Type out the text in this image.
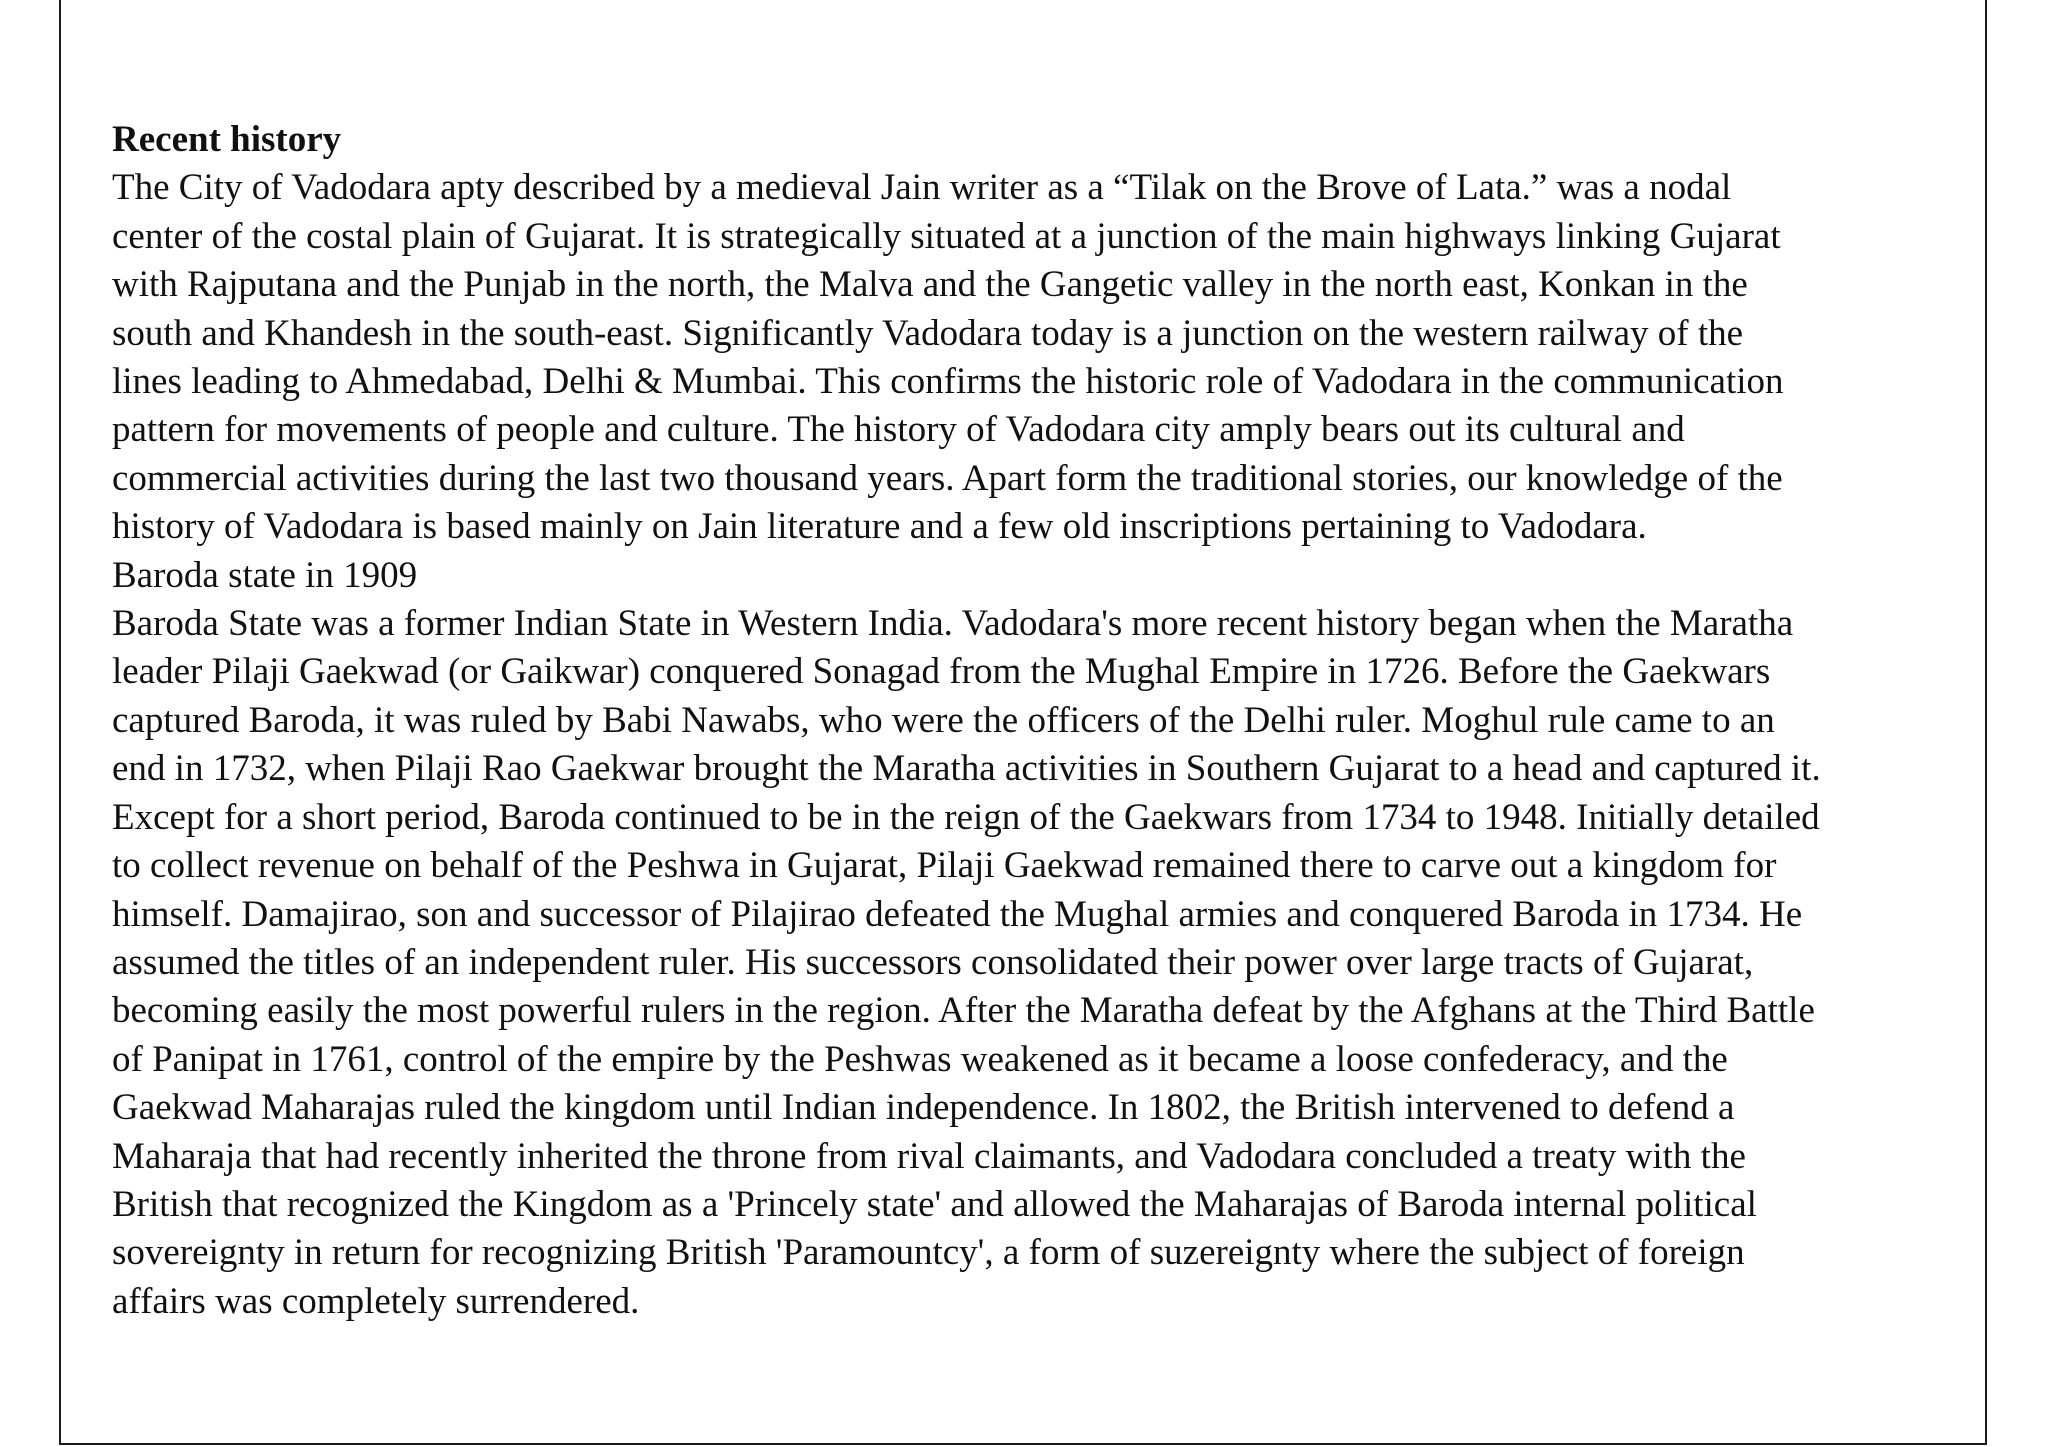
Recent history
The City of Vadodara apty described by a medieval Jain writer as a “Tilak on the Brove of Lata.” was a nodal
center of the costal plain of Gujarat. It is strategically situated at a junction of the main highways linking Gujarat
with Rajputana and the Punjab in the north, the Malva and the Gangetic valley in the north east, Konkan in the
south and Khandesh in the south-east. Significantly Vadodara today is a junction on the western railway of the
lines leading to Ahmedabad, Delhi & Mumbai. This confirms the historic role of Vadodara in the communication
pattern for movements of people and culture. The history of Vadodara city amply bears out its cultural and
commercial activities during the last two thousand years. Apart form the traditional stories, our knowledge of the
history of Vadodara is based mainly on Jain literature and a few old inscriptions pertaining to Vadodara.
Baroda state in 1909
Baroda State was a former Indian State in Western India. Vadodara's more recent history began when the Maratha
leader Pilaji Gaekwad (or Gaikwar) conquered Sonagad from the Mughal Empire in 1726. Before the Gaekwars
captured Baroda, it was ruled by Babi Nawabs, who were the officers of the Delhi ruler. Moghul rule came to an
end in 1732, when Pilaji Rao Gaekwar brought the Maratha activities in Southern Gujarat to a head and captured it.
Except for a short period, Baroda continued to be in the reign of the Gaekwars from 1734 to 1948. Initially detailed
to collect revenue on behalf of the Peshwa in Gujarat, Pilaji Gaekwad remained there to carve out a kingdom for
himself. Damajirao, son and successor of Pilajirao defeated the Mughal armies and conquered Baroda in 1734. He
assumed the titles of an independent ruler. His successors consolidated their power over large tracts of Gujarat,
becoming easily the most powerful rulers in the region. After the Maratha defeat by the Afghans at the Third Battle
of Panipat in 1761, control of the empire by the Peshwas weakened as it became a loose confederacy, and the
Gaekwad Maharajas ruled the kingdom until Indian independence. In 1802, the British intervened to defend a
Maharaja that had recently inherited the throne from rival claimants, and Vadodara concluded a treaty with the
British that recognized the Kingdom as a 'Princely state' and allowed the Maharajas of Baroda internal political
sovereignty in return for recognizing British 'Paramountcy', a form of suzereignty where the subject of foreign
affairs was completely surrendered.
